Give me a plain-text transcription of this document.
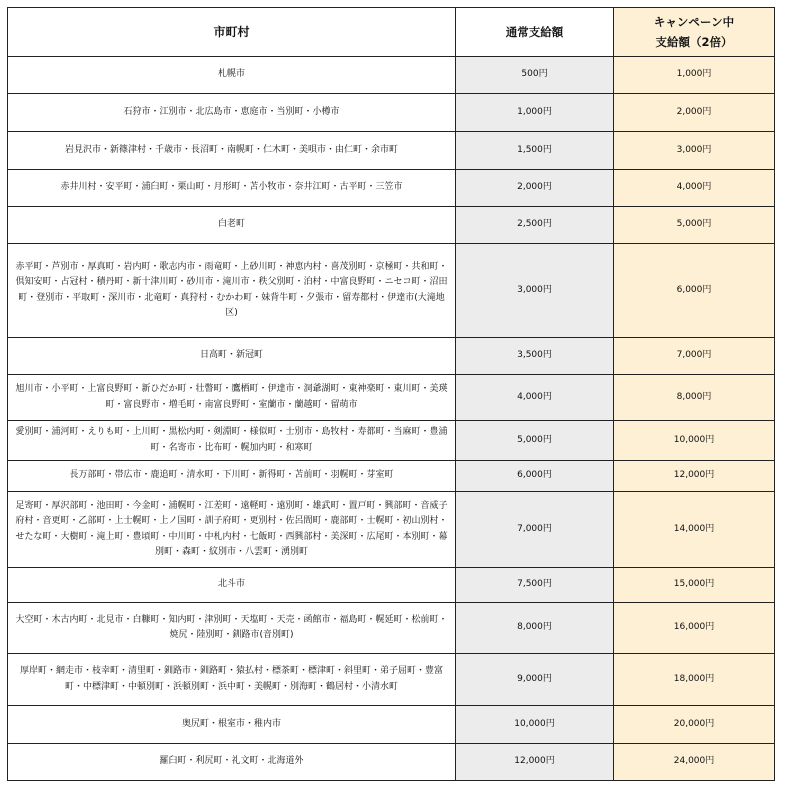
市町村	通常支給額	キャンペーン中
支給額（2倍）

札幌市	500円	1,000円
石狩市・江別市・北広島市・恵庭市・当別町・小樽市	1,000円	2,000円
岩見沢市・新篠津村・千歳市・長沼町・南幌町・仁木町・美唄市・由仁町・余市町	1,500円	3,000円
赤井川村・安平町・浦臼町・栗山町・月形町・苫小牧市・奈井江町・古平町・三笠市	2,000円	4,000円
白老町	2,500円	5,000円
赤平町・芦別市・厚真町・岩内町・歌志内市・雨竜町・上砂川町・神恵内村・喜茂別町・京極町・共和町・倶知安町・占冠村・積丹町・新十津川町・砂川市・滝川市・秩父別町・泊村・中富良野町・ニセコ町・沼田町・登別市・平取町・深川市・北竜町・真狩村・むかわ町・妹背牛町・夕張市・留寿都村・伊達市(大滝地区)	3,000円	6,000円
日高町・新冠町	3,500円	7,000円
旭川市・小平町・上富良野町・新ひだか町・壮瞥町・鷹栖町・伊達市・洞爺湖町・東神楽町・東川町・美瑛町・富良野市・増毛町・南富良野町・室蘭市・蘭越町・留萌市	4,000円	8,000円
愛別町・浦河町・えりも町・上川町・黒松内町・剣淵町・様似町・士別市・島牧村・寿都町・当麻町・豊浦町・名寄市・比布町・幌加内町・和寒町	5,000円	10,000円
長万部町・帯広市・鹿追町・清水町・下川町・新得町・苫前町・羽幌町・芽室町	6,000円	12,000円
足寄町・厚沢部町・池田町・今金町・浦幌町・江差町・遠軽町・遠別町・雄武町・置戸町・興部町・音威子府村・音更町・乙部町・上士幌町・上ノ国町・訓子府町・更別村・佐呂間町・鹿部町・士幌町・初山別村・せたな町・大樹町・滝上町・豊頃町・中川町・中札内村・七飯町・西興部村・美深町・広尾町・本別町・幕別町・森町・紋別市・八雲町・湧別町	7,000円	14,000円
北斗市	7,500円	15,000円
大空町・木古内町・北見市・白糠町・知内町・津別町・天塩町・天売・函館市・福島町・幌延町・松前町・焼尻・陸別町・釧路市(音別町)	8,000円	16,000円
厚岸町・網走市・枝幸町・清里町・釧路市・釧路町・猿払村・標茶町・標津町・斜里町・弟子屈町・豊富町・中標津町・中頓別町・浜頓別町・浜中町・美幌町・別海町・鶴居村・小清水町	9,000円	18,000円
奥尻町・根室市・稚内市	10,000円	20,000円
羅臼町・利尻町・礼文町・北海道外	12,000円	24,000円
